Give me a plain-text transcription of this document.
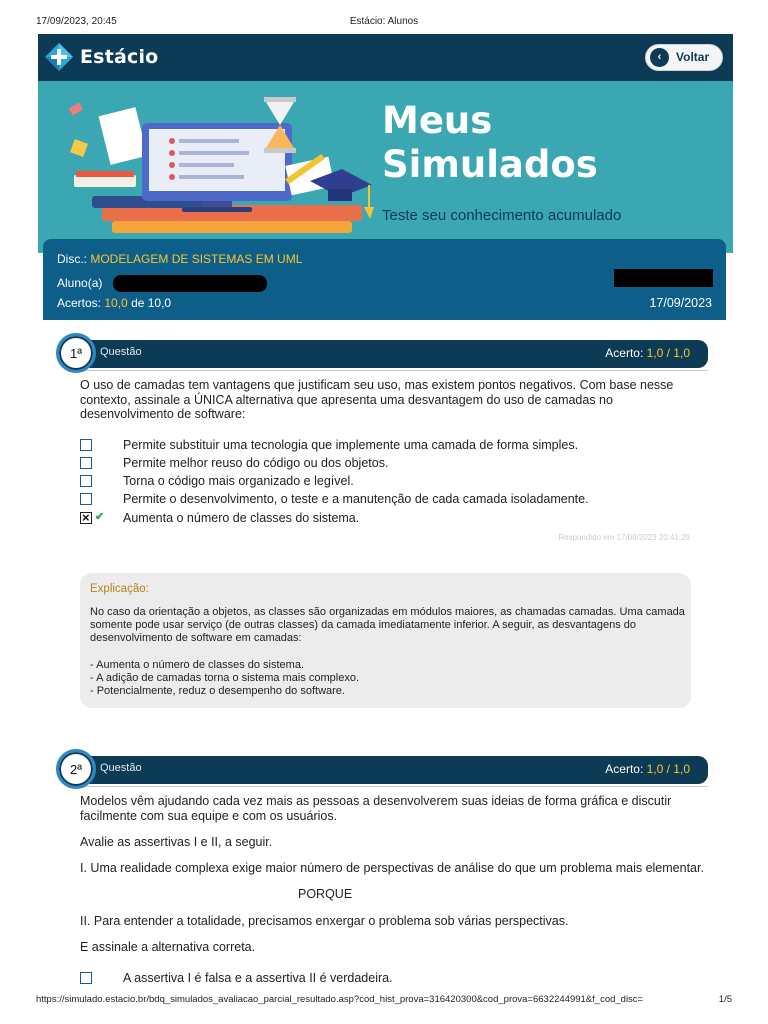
17/09/2023, 20:45	Estácio: Alunos
Estácio	‹	Voltar
Meus
Simulados
Teste seu conhecimento acumulado
Disc.: MODELAGEM DE SISTEMAS EM UML
Aluno(a)
Acertos: 10,0 de 10,0	17/09/2023
1ª	Questão	Acerto: 1,0 / 1,0
O uso de camadas tem vantagens que justificam seu uso, mas existem pontos negativos. Com base nesse contexto, assinale a ÚNICA alternativa que apresenta uma desvantagem do uso de camadas no desenvolvimento de software:
Permite substituir uma tecnologia que implemente uma camada de forma simples.
Permite melhor reuso do código ou dos objetos.
Torna o código mais organizado e legível.
Permite o desenvolvimento, o teste e a manutenção de cada camada isoladamente.
×
✔ Aumenta o número de classes do sistema.
Respondido em 17/09/2023 20:41:29
Explicação:

No caso da orientação a objetos, as classes são organizadas em módulos maiores, as chamadas camadas. Uma camada somente pode usar serviço (de outras classes) da camada imediatamente inferior. A seguir, as desvantagens do desenvolvimento de software em camadas:

- Aumenta o número de classes do sistema.
- A adição de camadas torna o sistema mais complexo.
- Potencialmente, reduz o desempenho do software.
2ª	Questão	Acerto: 1,0 / 1,0
Modelos vêm ajudando cada vez mais as pessoas a desenvolverem suas ideias de forma gráfica e discutir facilmente com sua equipe e com os usuários.
Avalie as assertivas I e II, a seguir.
I. Uma realidade complexa exige maior número de perspectivas de análise do que um problema mais elementar.
PORQUE
II. Para entender a totalidade, precisamos enxergar o problema sob várias perspectivas.
E assinale a alternativa correta.
A assertiva I é falsa e a assertiva II é verdadeira.
https://simulado.estacio.br/bdq_simulados_avaliacao_parcial_resultado.asp?cod_hist_prova=316420300&cod_prova=6632244991&f_cod_disc=	1/5
